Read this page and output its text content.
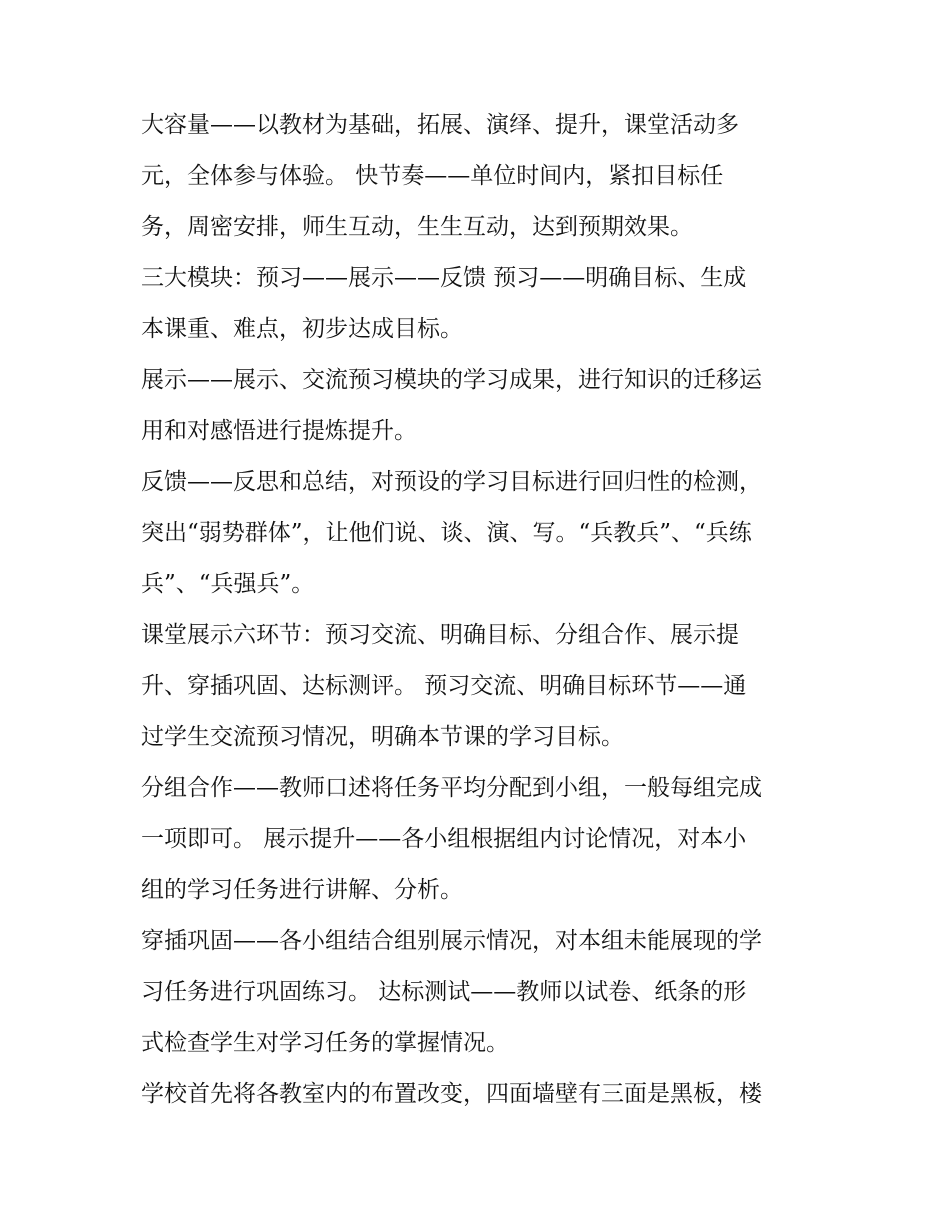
大容量——以教材为基础，拓展、演绎、提升，课堂活动多
元，全体参与体验。 快节奏——单位时间内，紧扣目标任
务，周密安排，师生互动，生生互动，达到预期效果。
三大模块：预习——展示——反馈 预习——明确目标、生成
本课重、难点，初步达成目标。
展示——展示、交流预习模块的学习成果，进行知识的迁移运
用和对感悟进行提炼提升。
反馈——反思和总结，对预设的学习目标进行回归性的检测，
突出“弱势群体”，让他们说、谈、演、写。“兵教兵”、“兵练
兵”、“兵强兵”。
课堂展示六环节：预习交流、明确目标、分组合作、展示提
升、穿插巩固、达标测评。 预习交流、明确目标环节——通
过学生交流预习情况，明确本节课的学习目标。
分组合作——教师口述将任务平均分配到小组，一般每组完成
一项即可。 展示提升——各小组根据组内讨论情况，对本小
组的学习任务进行讲解、分析。
穿插巩固——各小组结合组别展示情况，对本组未能展现的学
习任务进行巩固练习。 达标测试——教师以试卷、纸条的形
式检查学生对学习任务的掌握情况。
学校首先将各教室内的布置改变，四面墙壁有三面是黑板，楼
